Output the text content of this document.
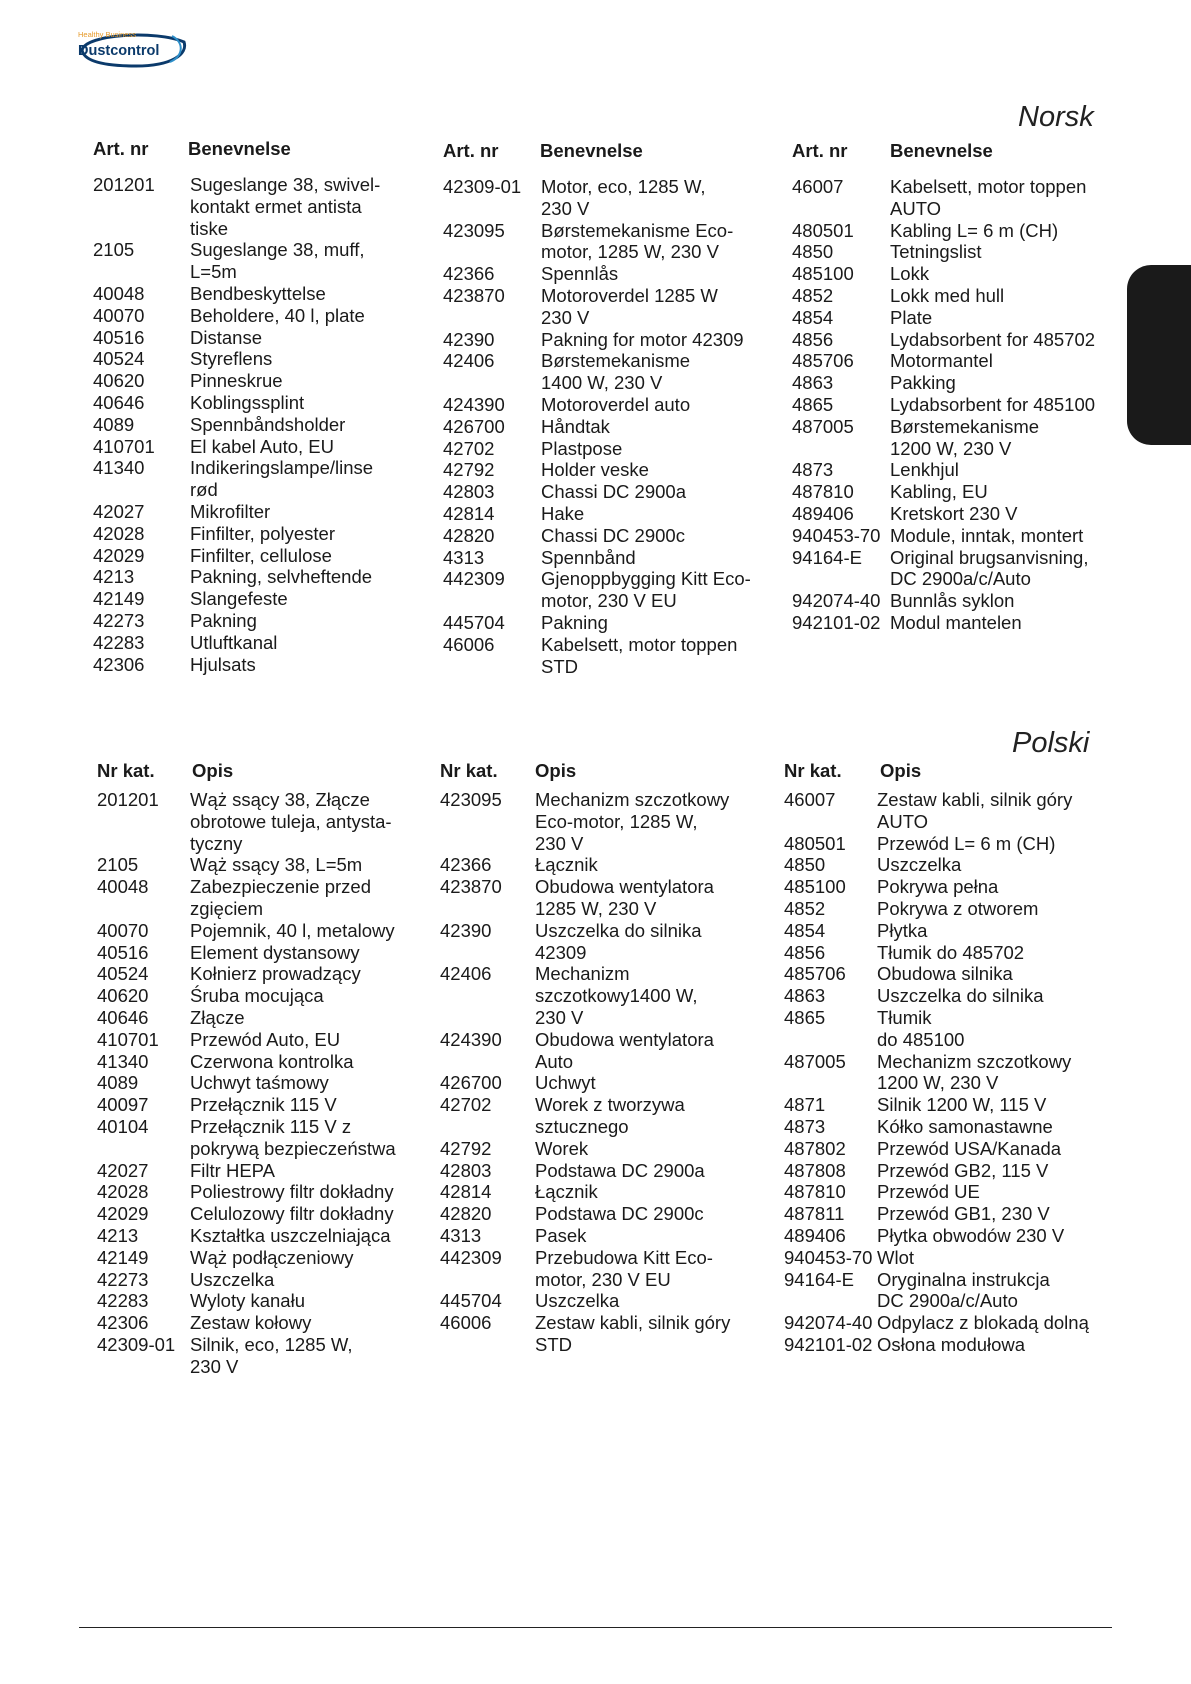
Healthy Business
Dustcontrol
Norsk
Art. nr Benevnelse
201201 Sugeslange 38, swivel-
kontakt ermet antista
tiske
2105	Sugeslange 38, muff,
L=5m
40048 Bendbeskyttelse
40070 Beholdere, 40 l, plate
40516 Distanse
40524 Styreflens
40620 Pinneskrue
40646 Koblingssplint
4089	Spennbåndsholder
410701 El kabel Auto, EU
41340 Indikeringslampe/linse
rød
42027 Mikrofilter
42028 Finfilter, polyester
42029 Finfilter, cellulose
4213	Pakning, selvheftende
42149 Slangefeste
42273 Pakning
42283 Utluftkanal
42306 Hjulsats
Art. nr Benevnelse
42309-01 Motor, eco, 1285 W,
230 V
423095 Børstemekanisme Eco-
motor, 1285 W, 230 V
42366	Spennlås
423870 Motoroverdel 1285 W
230 V
42390	Pakning for motor 42309
42406	Børstemekanisme
1400 W, 230 V
424390 Motoroverdel auto
426700 Håndtak
42702	Plastpose
42792	Holder veske
42803	Chassi DC 2900a
42814	Hake
42820	Chassi DC 2900c
4313	Spennbånd
442309 Gjenoppbygging Kitt Eco-
motor, 230 V EU
445704 Pakning
46006	Kabelsett, motor toppen
STD
Art. nr Benevnelse
46007	Kabelsett, motor toppen
AUTO
480501 Kabling L= 6 m (CH)
4850	Tetningslist
485100 Lokk
4852	Lokk med hull
4854	Plate
4856	Lydabsorbent for 485702
485706 Motormantel
4863	Pakking
4865	Lydabsorbent for 485100
487005 Børstemekanisme
1200 W, 230 V
4873	Lenkhjul
487810 Kabling, EU
489406 Kretskort 230 V
940453-70 Module, inntak, montert
94164-E Original brugsanvisning,
DC 2900a/c/Auto
942074-40 Bunnlås syklon
942101-02 Modul mantelen
Polski
Nr kat. Opis
201201 Wąż ssący 38, Złącze
obrotowe tuleja, antysta-
tyczny
2105	Wąż ssący 38, L=5m
40048 Zabezpieczenie przed
zgięciem
40070 Pojemnik, 40 l, metalowy
40516 Element dystansowy
40524 Kołnierz prowadzący
40620 Śruba mocująca
40646 Złącze
410701 Przewód Auto, EU
41340 Czerwona kontrolka
4089	Uchwyt taśmowy
40097 Przełącznik 115 V
40104 Przełącznik 115 V z
pokrywą bezpieczeństwa
42027 Filtr HEPA
42028 Poliestrowy filtr dokładny
42029 Celulozowy filtr dokładny
4213	Kształtka uszczelniająca
42149 Wąż podłączeniowy
42273 Uszczelka
42283 Wyloty kanału
42306 Zestaw kołowy
42309-01 Silnik, eco, 1285 W,
230 V
Nr kat. Opis
423095 Mechanizm szczotkowy
Eco-motor, 1285 W,
230 V
42366 Łącznik
423870 Obudowa wentylatora
1285 W, 230 V
42390 Uszczelka do silnika
42309
42406 Mechanizm
szczotkowy1400 W,
230 V
424390 Obudowa wentylatora
Auto
426700 Uchwyt
42702 Worek z tworzywa
sztucznego
42792 Worek
42803 Podstawa DC 2900a
42814 Łącznik
42820 Podstawa DC 2900c
4313	Pasek
442309 Przebudowa Kitt Eco-
motor, 230 V EU
445704 Uszczelka
46006 Zestaw kabli, silnik góry
STD
Nr kat. Opis
46007 Zestaw kabli, silnik góry
AUTO
480501 Przewód L= 6 m (CH)
4850	Uszczelka
485100 Pokrywa pełna
4852	Pokrywa z otworem
4854	Płytka
4856	Tłumik do 485702
485706 Obudowa silnika
4863	Uszczelka do silnika
4865	Tłumik
do 485100
487005 Mechanizm szczotkowy
1200 W, 230 V
4871	Silnik 1200 W, 115 V
4873	Kółko samonastawne
487802 Przewód USA/Kanada
487808 Przewód GB2, 115 V
487810 Przewód UE
487811 Przewód GB1, 230 V
489406 Płytka obwodów 230 V
940453-70 Wlot
94164-E Oryginalna instrukcja
DC 2900a/c/Auto
942074-40 Odpylacz z blokadą dolną
942101-02 Osłona modułowa
